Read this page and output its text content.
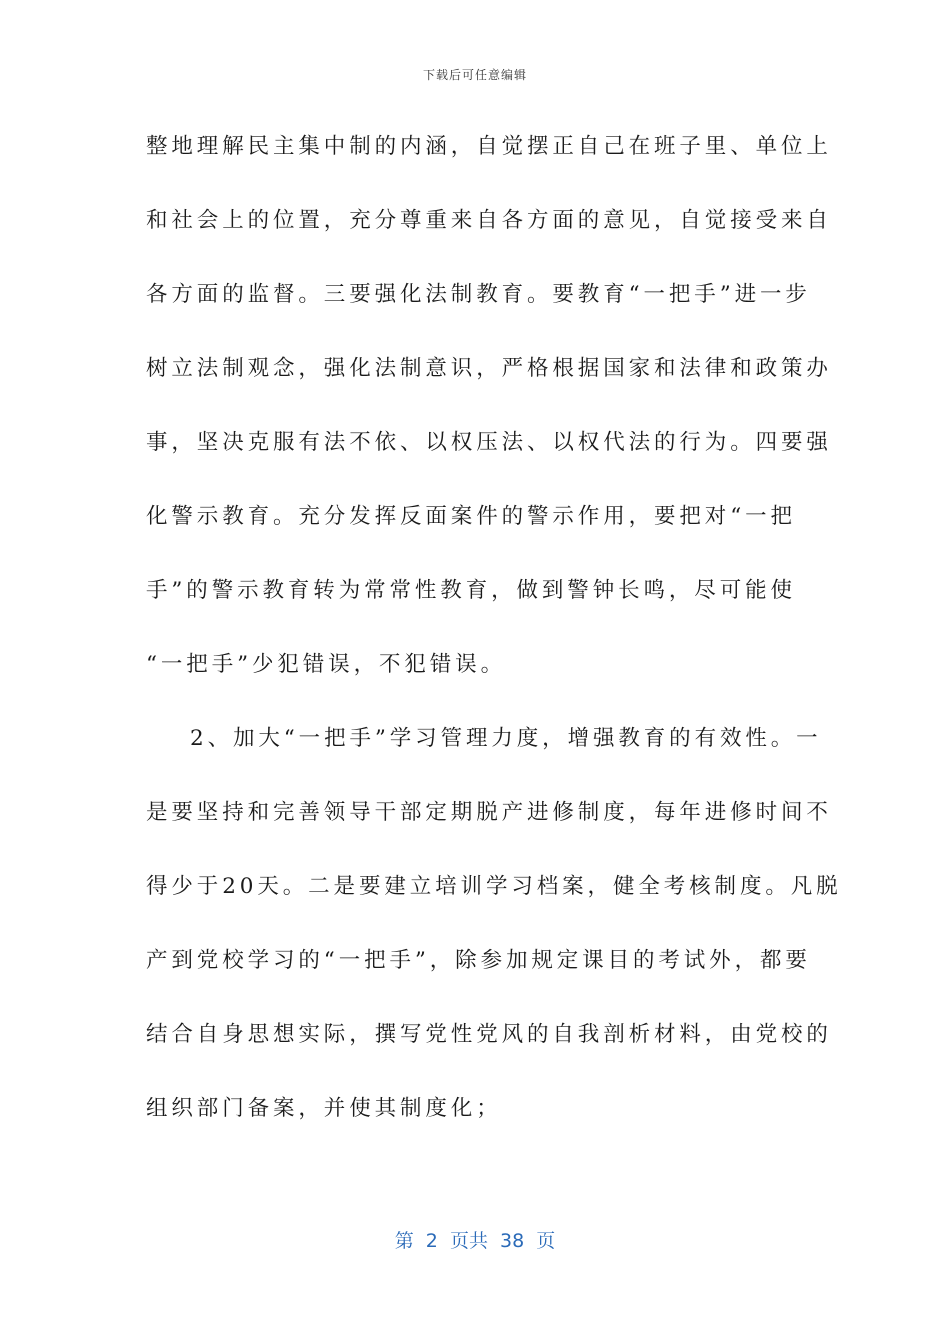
下载后可任意编辑
整地理解民主集中制的内涵，自觉摆正自己在班子里、单位上
和社会上的位置，充分尊重来自各方面的意见，自觉接受来自
各方面的监督。三要强化法制教育。要教育“一把手”进一步
树立法制观念，强化法制意识，严格根据国家和法律和政策办
事，坚决克服有法不依、以权压法、以权代法的行为。四要强
化警示教育。充分发挥反面案件的警示作用，要把对“一把
手”的警示教育转为常常性教育，做到警钟长鸣，尽可能使
“一把手”少犯错误，不犯错误。
2、加大“一把手”学习管理力度，增强教育的有效性。一
是要坚持和完善领导干部定期脱产进修制度，每年进修时间不
得少于20天。二是要建立培训学习档案，健全考核制度。凡脱
产到党校学习的“一把手”，除参加规定课目的考试外，都要
结合自身思想实际，撰写党性党风的自我剖析材料，由党校的
组织部门备案，并使其制度化；
第  2  页共  38  页
